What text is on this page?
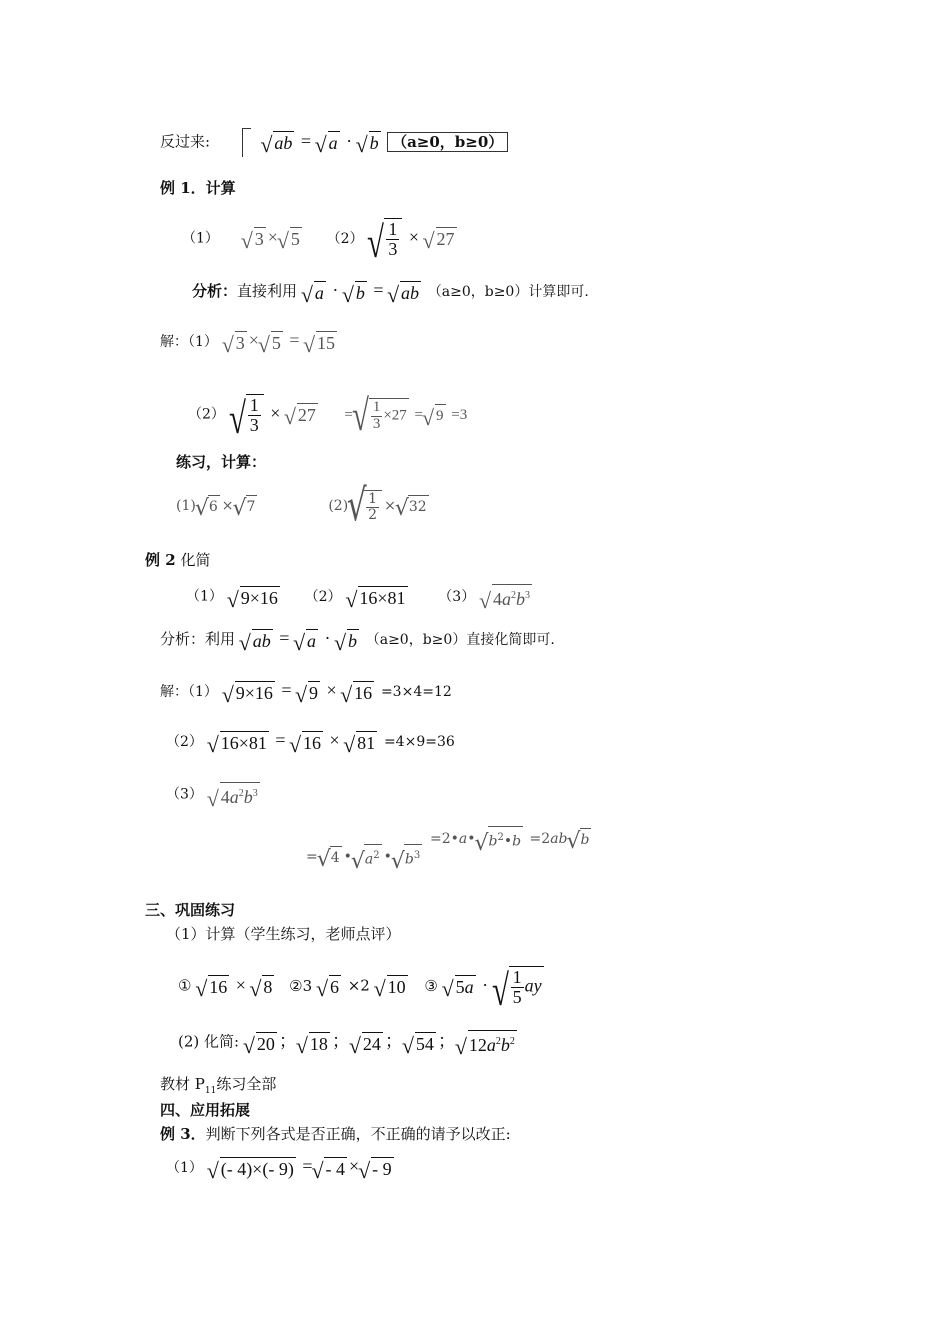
反过来:   √	ab = √ a · √ b （a≥0，b≥0）
例 1．计算
（1） √ 3 ×√ 5 （2）
√ $\frac{1}{3}$ × √ 27
分析：直接利用 √ a · √ b = √ ab （a≥0，b≥0）计算即可.
解：（1） √ 3 ×√ 5 = √ 15
（2）
√ $\frac{1}{3}$ × √ 27 =
√ $\frac{1}{3} \times 27$ =√ 9 =3
练习，计算：
(1)√ 6 ×√ 7	(2)
√ $\frac{1}{2}$ ×√ 32
例 2 化简
（1） √ 9×16 （2） √ 16×81 （3） √ $4a^2b^3$
分析：利用 √ ab = √ a · √ b （a≥0，b≥0）直接化简即可.
解：（1） √ 9×16 = √ 9 × √ 16 =3×4=12
（2） √ 16×81 = √ 16 × √ 81 =4×9=36
（3） √ $4a^2b^3$
=2•a•√ $b^2•b =2ab√$ b
=√ 4 •√ $a^2$ •√ $b^3$
三、巩固练习
（1）计算（学生练习，老师点评）
① √ 16 × √ 8 ②3 √ 6 ×2 √ 10 ③ √ 5a ·
√ $\frac{1}{5}$ ay
(2) 化简: √ 20 ；√ 18 ；√ 24 ；√ 54 ；√ $12a^2b^2$
教材 $P_{11}$练习全部
四、应用拓展
例 3．判断下列各式是否正确，不正确的请予以改正:
（1） √ (- 4)×(- 9) =√ - 4 ×√ - 9
